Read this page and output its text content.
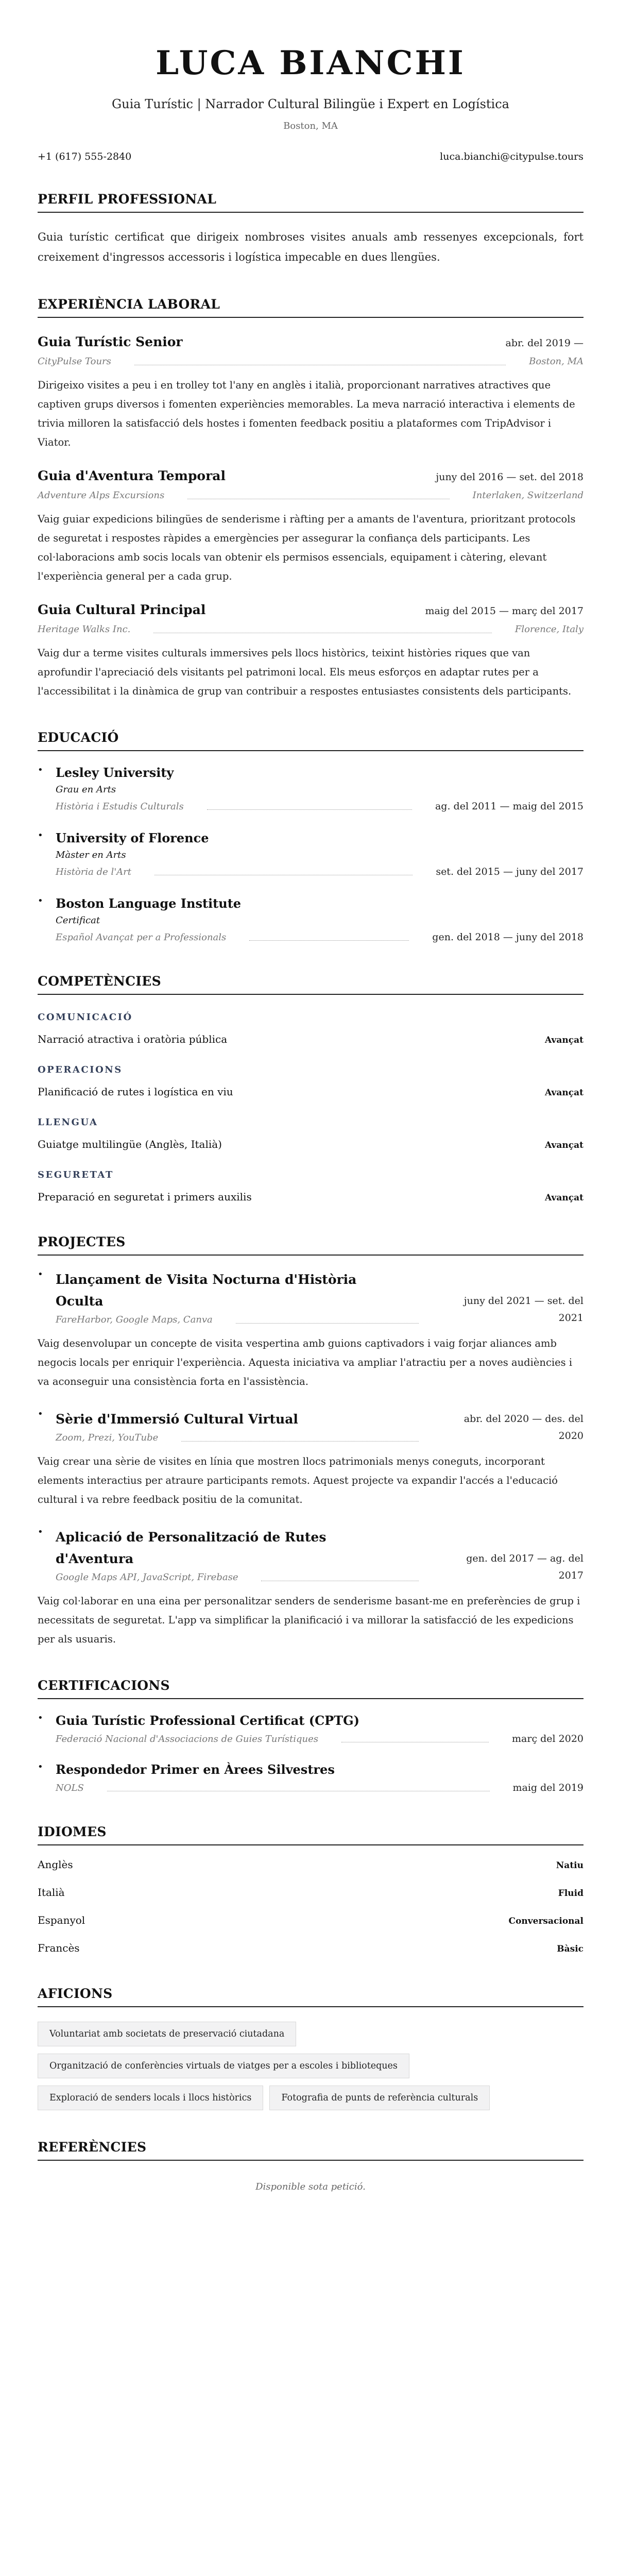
LUCA BIANCHI
Guia Turístic | Narrador Cultural Bilingüe i Expert en Logística
Boston, MA
+1 (617) 555-2840	luca.bianchi@citypulse.tours
PERFIL PROFESSIONAL

Guia turístic certificat que dirigeix nombroses visites anuals amb ressenyes excepcionals, fort creixement d'ingressos accessoris i logística impecable en dues llengües.

EXPERIÈNCIA LABORAL
Guia Turístic Senior	abr. del 2019 —
CityPulse Tours	Boston, MA

Dirigeixo visites a peu i en trolley tot l'any en anglès i italià, proporcionant narratives atractives que captiven grups diversos i fomenten experiències memorables. La meva narració interactiva i elements de trivia milloren la satisfacció dels hostes i fomenten feedback positiu a plataformes com TripAdvisor i Viator.

Guia d'Aventura Temporal	juny del 2016 — set. del 2018
Adventure Alps Excursions	Interlaken, Switzerland

Vaig guiar expedicions bilingües de senderisme i ràfting per a amants de l'aventura, prioritzant protocols de seguretat i respostes ràpides a emergències per assegurar la confiança dels participants. Les col·laboracions amb socis locals van obtenir els permisos essencials, equipament i càtering, elevant l'experiència general per a cada grup.

Guia Cultural Principal	maig del 2015 — març del 2017
Heritage Walks Inc.	Florence, Italy

Vaig dur a terme visites culturals immersives pels llocs històrics, teixint històries riques que van aprofundir l'apreciació dels visitants pel patrimoni local. Els meus esforços en adaptar rutes per a l'accessibilitat i la dinàmica de grup van contribuir a respostes entusiastes consistents dels participants.

EDUCACIÓ
• Lesley University
Grau en Arts
Història i Estudis Culturals	ag. del 2011 — maig del 2015
• University of Florence
Màster en Arts
Història de l'Art	set. del 2015 — juny del 2017
• Boston Language Institute
Certificat
Español Avançat per a Professionals	gen. del 2018 — juny del 2018
COMPETÈNCIES
COMUNICACIÓ
Narració atractiva i oratòria pública	Avançat
OPERACIONS
Planificació de rutes i logística en viu	Avançat
LLENGUA
Guiatge multilingüe (Anglès, Italià)	Avançat
SEGURETAT
Preparació en seguretat i primers auxilis	Avançat
PROJECTES
• Llançament de Visita Nocturna d'Història Oculta
FareHarbor, Google Maps, Canva
juny del 2021 — set. del 2021

Vaig desenvolupar un concepte de visita vespertina amb guions captivadors i vaig forjar aliances amb negocis locals per enriquir l'experiència. Aquesta iniciativa va ampliar l'atractiu per a noves audiències i va aconseguir una consistència forta en l'assistència.

• Sèrie d'Immersió Cultural Virtual
Zoom, Prezi, YouTube
abr. del 2020 — des. del 2020

Vaig crear una sèrie de visites en línia que mostren llocs patrimonials menys coneguts, incorporant elements interactius per atraure participants remots. Aquest projecte va expandir l'accés a l'educació cultural i va rebre feedback positiu de la comunitat.

• Aplicació de Personalització de Rutes d'Aventura
Google Maps API, JavaScript, Firebase
gen. del 2017 — ag. del 2017

Vaig col·laborar en una eina per personalitzar senders de senderisme basant-me en preferències de grup i necessitats de seguretat. L'app va simplificar la planificació i va millorar la satisfacció de les expedicions per als usuaris.

CERTIFICACIONS
• Guia Turístic Professional Certificat (CPTG)
Federació Nacional d'Associacions de Guies Turístiques	març del 2020
• Respondedor Primer en Àrees Silvestres
NOLS	maig del 2019
IDIOMES
Anglès	Natiu
Italià	Fluid
Espanyol	Conversacional
Francès	Bàsic
AFICIONS
Voluntariat amb societats de preservació ciutadana
Organització de conferències virtuals de viatges per a escoles i biblioteques
Exploració de senders locals i llocs històrics	Fotografia de punts de referència culturals
REFERÈNCIES

Disponible sota petició.
